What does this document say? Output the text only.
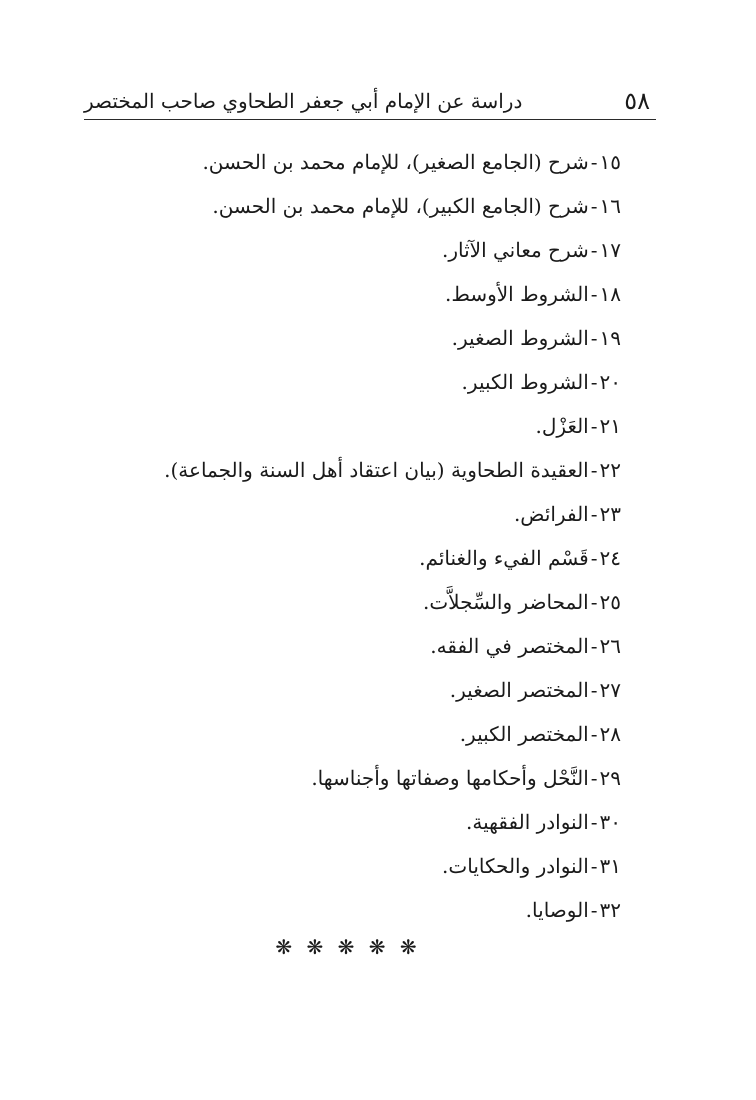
٥٨
دراسة عن الإمام أبي جعفر الطحاوي صاحب المختصر
١٥-شرح (الجامع الصغير)، للإمام محمد بن الحسن.
١٦-شرح (الجامع الكبير)، للإمام محمد بن الحسن.
١٧-شرح معاني الآثار.
١٨-الشروط الأوسط.
١٩-الشروط الصغير.
٢٠-الشروط الكبير.
٢١-العَزْل.
٢٢-العقيدة الطحاوية (بيان اعتقاد أهل السنة والجماعة).
٢٣-الفرائض.
٢٤-قَسْم الفيء والغنائم.
٢٥-المحاضر والسِّجلاَّت.
٢٦-المختصر في الفقه.
٢٧-المختصر الصغير.
٢٨-المختصر الكبير.
٢٩-النَّحْل وأحكامها وصفاتها وأجناسها.
٣٠-النوادر الفقهية.
٣١-النوادر والحكايات.
٣٢-الوصايا.
❋ ❋ ❋ ❋ ❋
